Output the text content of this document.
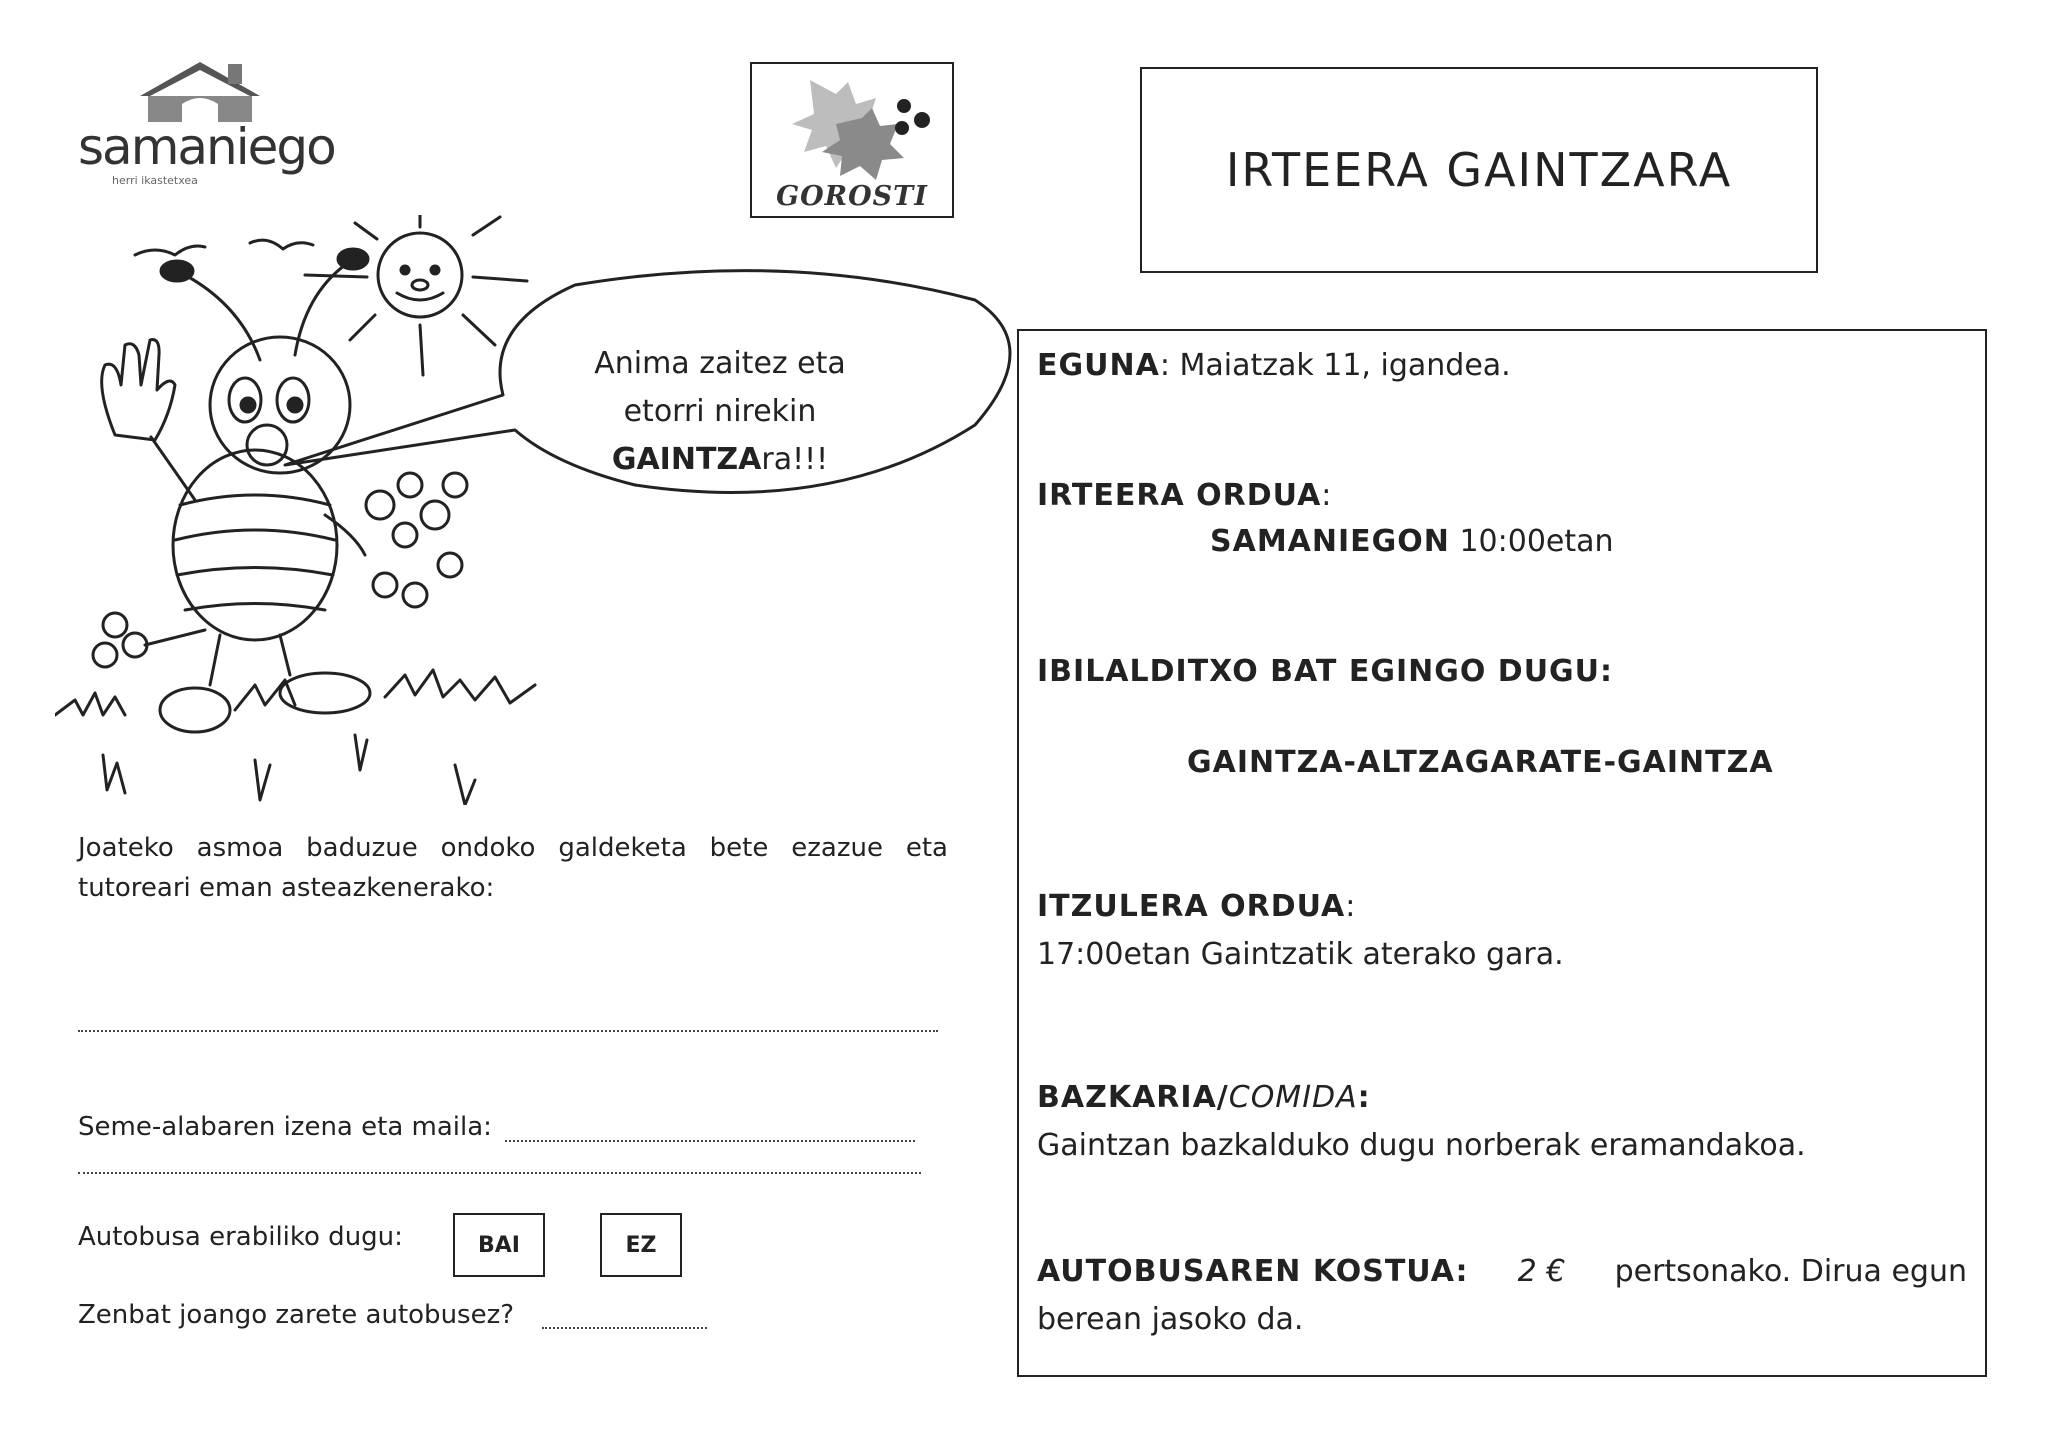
samaniego
herri ikastetxea
GOROSTI	IRTEERA GAINTZARA
Anima zaitez eta
etorri nirekin
GAINTZAra!!!
Joateko asmoa baduzue ondoko galdeketa bete ezazue eta tutoreari eman asteazkenerako:
Seme-alabaren izena eta maila:
Autobusa erabiliko dugu:	BAI	EZ
Zenbat joango zarete autobusez?
EGUNA: Maiatzak 11, igandea.
IRTEERA ORDUA:
SAMANIEGON 10:00etan
IBILALDITXO BAT EGINGO DUGU:
GAINTZA-ALTZAGARATE-GAINTZA
ITZULERA ORDUA:
17:00etan Gaintzatik aterako gara.
BAZKARIA/COMIDA:
Gaintzan bazkalduko dugu norberak eramandakoa.
AUTOBUSAREN KOSTUA: 2 € pertsonako. Dirua egun
berean jasoko da.
